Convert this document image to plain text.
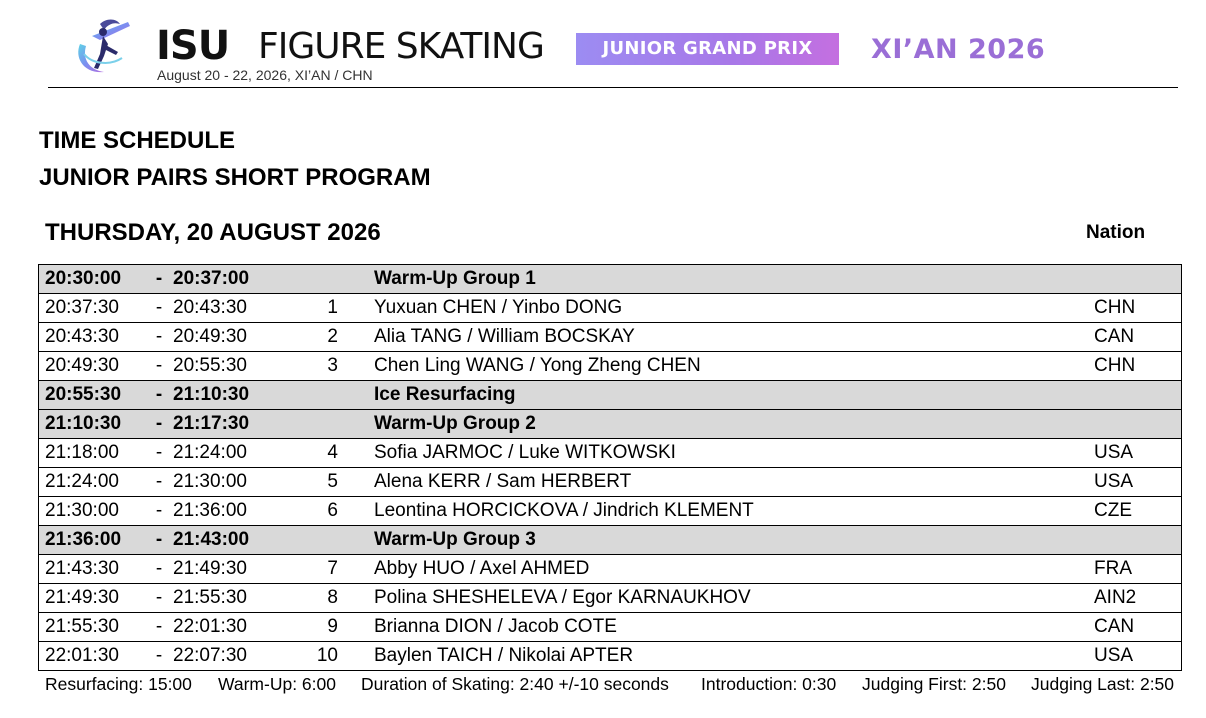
ISU FIGURE SKATING	JUNIOR GRAND PRIX	XI’AN 2026
August 20 - 22, 2026, XI’AN / CHN
TIME SCHEDULE
JUNIOR PAIRS SHORT PROGRAM
THURSDAY, 20 AUGUST 2026	Nation
20:30:00	-	20:37:00		Warm-Up Group 1	
20:37:30	-	20:43:30	1	Yuxuan CHEN / Yinbo DONG	CHN
20:43:30	-	20:49:30	2	Alia TANG / William BOCSKAY	CAN
20:49:30	-	20:55:30	3	Chen Ling WANG / Yong Zheng CHEN	CHN
20:55:30	-	21:10:30		Ice Resurfacing	
21:10:30	-	21:17:30		Warm-Up Group 2	
21:18:00	-	21:24:00	4	Sofia JARMOC / Luke WITKOWSKI	USA
21:24:00	-	21:30:00	5	Alena KERR / Sam HERBERT	USA
21:30:00	-	21:36:00	6	Leontina HORCICKOVA / Jindrich KLEMENT	CZE
21:36:00	-	21:43:00		Warm-Up Group 3	
21:43:30	-	21:49:30	7	Abby HUO / Axel AHMED	FRA
21:49:30	-	21:55:30	8	Polina SHESHELEVA / Egor KARNAUKHOV	AIN2
21:55:30	-	22:01:30	9	Brianna DION / Jacob COTE	CAN
22:01:30	-	22:07:30	10	Baylen TAICH / Nikolai APTER	USA
Resurfacing: 15:00 Warm-Up: 6:00 Duration of Skating: 2:40 +/-10 seconds Introduction: 0:30 Judging First: 2:50 Judging Last: 2:50
